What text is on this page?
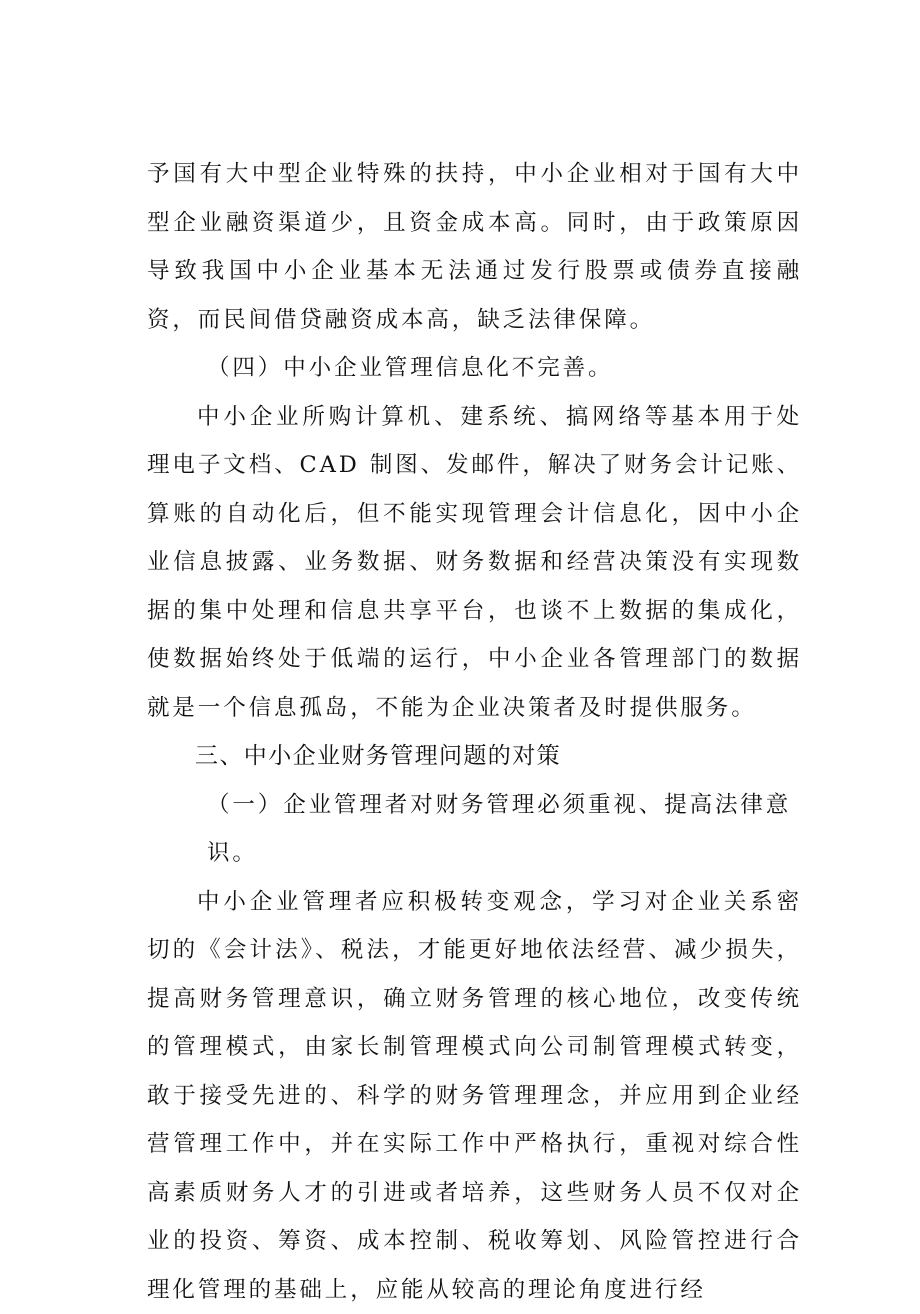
予国有大中型企业特殊的扶持，中小企业相对于国有大中型企业融资渠道少，且资金成本高。同时，由于政策原因导致我国中小企业基本无法通过发行股票或债券直接融资，而民间借贷融资成本高，缺乏法律保障。

（四）中小企业管理信息化不完善。

中小企业所购计算机、建系统、搞网络等基本用于处理电子文档、CAD 制图、发邮件，解决了财务会计记账、算账的自动化后，但不能实现管理会计信息化，因中小企业信息披露、业务数据、财务数据和经营决策没有实现数据的集中处理和信息共享平台，也谈不上数据的集成化，使数据始终处于低端的运行，中小企业各管理部门的数据就是一个信息孤岛，不能为企业决策者及时提供服务。

三、中小企业财务管理问题的对策

（一）企业管理者对财务管理必须重视、提高法律意识。

中小企业管理者应积极转变观念，学习对企业关系密切的《会计法》、税法，才能更好地依法经营、减少损失，提高财务管理意识，确立财务管理的核心地位，改变传统的管理模式，由家长制管理模式向公司制管理模式转变，敢于接受先进的、科学的财务管理理念，并应用到企业经营管理工作中，并在实际工作中严格执行，重视对综合性高素质财务人才的引进或者培养，这些财务人员不仅对企业的投资、筹资、成本控制、税收筹划、风险管控进行合理化管理的基础上，应能从较高的理论角度进行经
